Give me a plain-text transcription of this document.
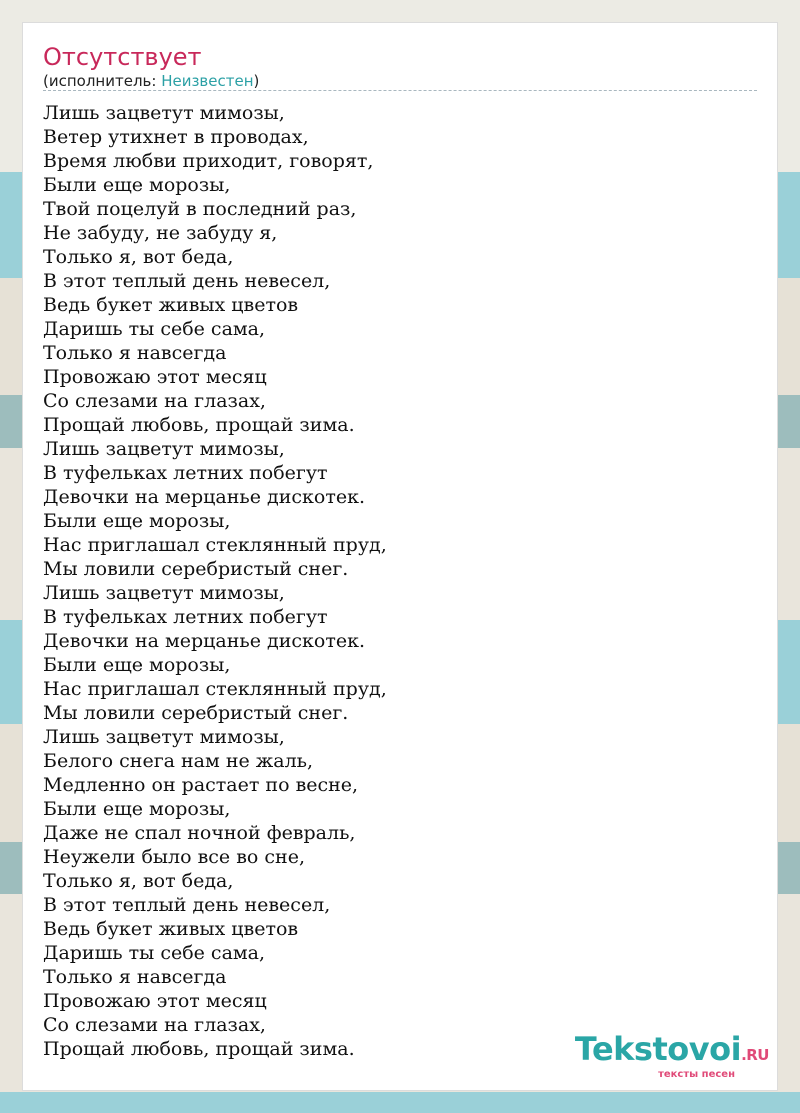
Отсутствует
(исполнитель: Неизвестен)
Лишь зацветут мимозы,
Ветер утихнет в проводах,
Время любви приходит, говорят,
Были еще морозы,
Твой поцелуй в последний раз,
Не забуду, не забуду я,
Только я, вот беда,
В этот теплый день невесел,
Ведь букет живых цветов
Даришь ты себе сама,
Только я навсегда
Провожаю этот месяц
Со слезами на глазах,
Прощай любовь, прощай зима.
Лишь зацветут мимозы,
В туфельках летних побегут
Девочки на мерцанье дискотек.
Были еще морозы,
Нас приглашал стеклянный пруд,
Мы ловили серебристый снег.
Лишь зацветут мимозы,
В туфельках летних побегут
Девочки на мерцанье дискотек.
Были еще морозы,
Нас приглашал стеклянный пруд,
Мы ловили серебристый снег.
Лишь зацветут мимозы,
Белого снега нам не жаль,
Медленно он растает по весне,
Были еще морозы,
Даже не спал ночной февраль,
Неужели было все во сне,
Только я, вот беда,
В этот теплый день невесел,
Ведь букет живых цветов
Даришь ты себе сама,
Только я навсегда
Провожаю этот месяц
Со слезами на глазах,
Прощай любовь, прощай зима.	Tekstovoi.RU
тексты песен
